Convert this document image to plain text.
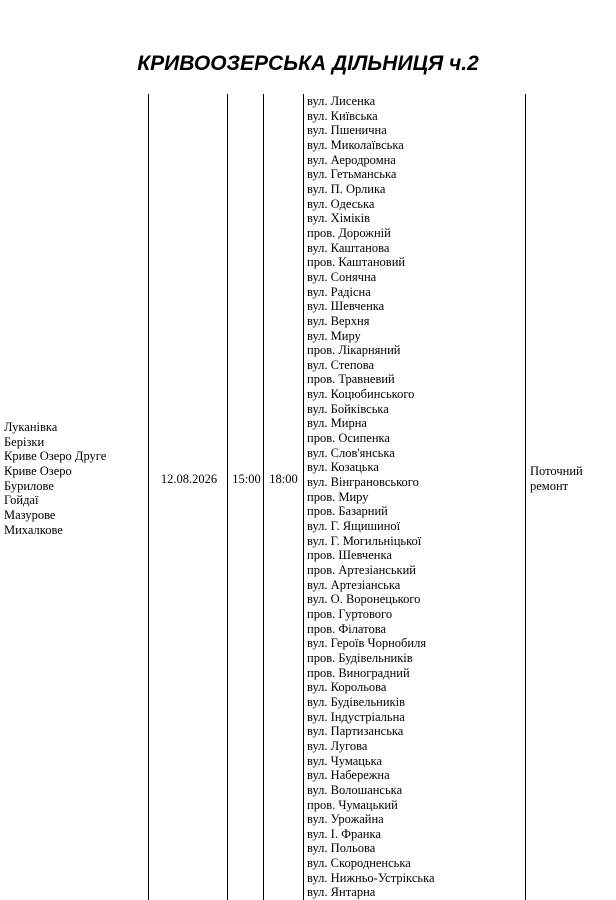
КРИВООЗЕРСЬКА ДІЛЬНИЦЯ ч.2
Луканівка
Берізки
Криве Озеро Друге
Криве Озеро
Бурилове
Гойдаї
Мазурове
Михалкове
12.08.2026	15:00 18:00
вул. Лисенка
вул. Київська
вул. Пшенична
вул. Миколаївська
вул. Аеродромна
вул. Гетьманська
вул. П. Орлика
вул. Одеська
вул. Хіміків
пров. Дорожній
вул. Каштанова
пров. Каштановий
вул. Сонячна
вул. Радісна
вул. Шевченка
вул. Верхня
вул. Миру
пров. Лікарняний
вул. Степова
пров. Травневий
вул. Коцюбинського
вул. Бойківська
вул. Мирна
пров. Осипенка
вул. Слов'янська
вул. Козацька
вул. Вінграновського
пров. Миру
пров. Базарний
вул. Г. Ящишиної
вул. Г. Могильніцької
пров. Шевченка
пров. Артезіанський
вул. Артезіанська
вул. О. Воронецького
пров. Гуртового
пров. Філатова
вул. Героїв Чорнобиля
пров. Будівельників
пров. Виноградний
вул. Корольова
вул. Будівельників
вул. Індустріальна
вул. Партизанська
вул. Лугова
вул. Чумацька
вул. Набережна
вул. Волошанська
пров. Чумацький
вул. Урожайна
вул. І. Франка
вул. Польова
вул. Скородненська
вул. Нижньо-Устрікська
вул. Янтарна
Поточний
ремонт
